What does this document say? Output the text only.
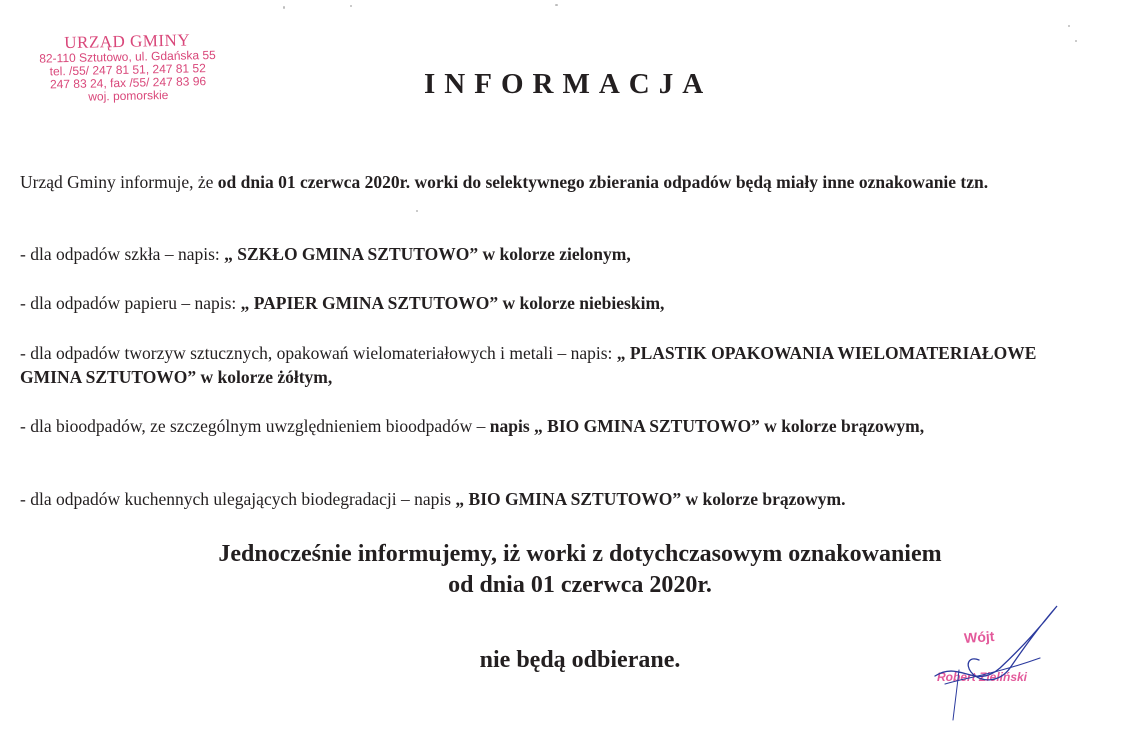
URZĄD GMINY
82-110 Sztutowo, ul. Gdańska 55
tel. /55/ 247 81 51, 247 81 52
247 83 24, fax /55/ 247 83 96
woj. pomorskie	INFORMACJA
Urząd Gminy informuje, że od dnia 01 czerwca 2020r. worki do selektywnego zbierania odpadów będą miały inne oznakowanie tzn.
- dla odpadów szkła – napis: „ SZKŁO GMINA SZTUTOWO” w kolorze zielonym,
- dla odpadów papieru – napis: „ PAPIER GMINA SZTUTOWO” w kolorze niebieskim,
- dla odpadów tworzyw sztucznych, opakowań wielomateriałowych i metali – napis: „ PLASTIK OPAKOWANIA WIELOMATERIAŁOWE GMINA SZTUTOWO” w kolorze żółtym,
- dla bioodpadów, ze szczególnym uwzględnieniem bioodpadów – napis „ BIO GMINA SZTUTOWO” w kolorze brązowym,
- dla odpadów kuchennych ulegających biodegradacji – napis „ BIO GMINA SZTUTOWO” w kolorze brązowym.
Jednocześnie informujemy, iż worki z dotychczasowym oznakowaniem
od dnia 01 czerwca 2020r.
nie będą odbierane.
Wójt
Robert Zieliński
